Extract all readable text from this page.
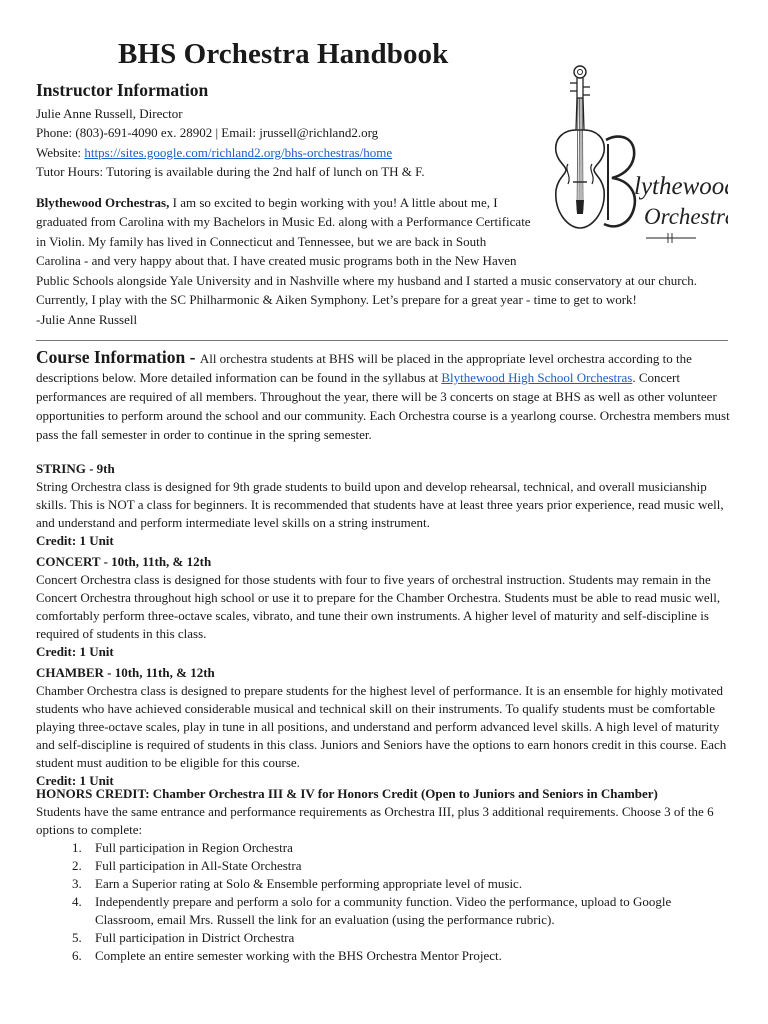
BHS Orchestra Handbook
Instructor Information
Julie Anne Russell, Director
Phone: (803)-691-4090 ex. 28902 | Email: jrussell@richland2.org
Website: https://sites.google.com/richland2.org/bhs-orchestras/home
Tutor Hours: Tutoring is available during the 2nd half of lunch on TH & F.
Blythewood Orchestras, I am so excited to begin working with you! A little about me, I
graduated from Carolina with my Bachelors in Music Ed. along with a Performance Certificate
in Violin. My family has lived in Connecticut and Tennessee, but we are back in South
Carolina - and very happy about that. I have created music programs both in the New Haven
Public Schools alongside Yale University and in Nashville where my husband and I started a music conservatory at our church.
Currently, I play with the SC Philharmonic & Aiken Symphony. Let’s prepare for a great year - time to get to work!
-Julie Anne Russell
lythewood
Orchestra
Course Information - All orchestra students at BHS will be placed in the appropriate level orchestra according to the descriptions below. More detailed information can be found in the syllabus at Blythewood High School Orchestras. Concert performances are required of all members. Throughout the year, there will be 3 concerts on stage at BHS as well as other volunteer opportunities to perform around the school and our community. Each Orchestra course is a yearlong course. Orchestra members must pass the fall semester in order to continue in the spring semester.
STRING - 9th
String Orchestra class is designed for 9th grade students to build upon and develop rehearsal, technical, and overall musicianship skills. This is NOT a class for beginners. It is recommended that students have at least three years prior experience, read music well, and understand and perform intermediate level skills on a string instrument.
Credit: 1 Unit
CONCERT - 10th, 11th, & 12th
Concert Orchestra class is designed for those students with four to five years of orchestral instruction. Students may remain in the Concert Orchestra throughout high school or use it to prepare for the Chamber Orchestra. Students must be able to read music well, comfortably perform three-octave scales, vibrato, and tune their own instruments. A higher level of maturity and self-discipline is required of students in this class.
Credit: 1 Unit
CHAMBER - 10th, 11th, & 12th
Chamber Orchestra class is designed to prepare students for the highest level of performance. It is an ensemble for highly motivated students who have achieved considerable musical and technical skill on their instruments. To qualify students must be comfortable playing three-octave scales, play in tune in all positions, and understand and perform advanced level skills. A high level of maturity and self-discipline is required of students in this class. Juniors and Seniors have the options to earn honors credit in this course. Each student must audition to be eligible for this course.
Credit: 1 Unit
HONORS CREDIT: Chamber Orchestra III & IV for Honors Credit (Open to Juniors and Seniors in Chamber)
Students have the same entrance and performance requirements as Orchestra III, plus 3 additional requirements. Choose 3 of the 6 options to complete:
1.	Full participation in Region Orchestra
2.	Full participation in All-State Orchestra
3.	Earn a Superior rating at Solo & Ensemble performing appropriate level of music.
4.	Independently prepare and perform a solo for a community function. Video the performance, upload to Google Classroom, email Mrs. Russell the link for an evaluation (using the performance rubric).
5.	Full participation in District Orchestra
6.	Complete an entire semester working with the BHS Orchestra Mentor Project.
